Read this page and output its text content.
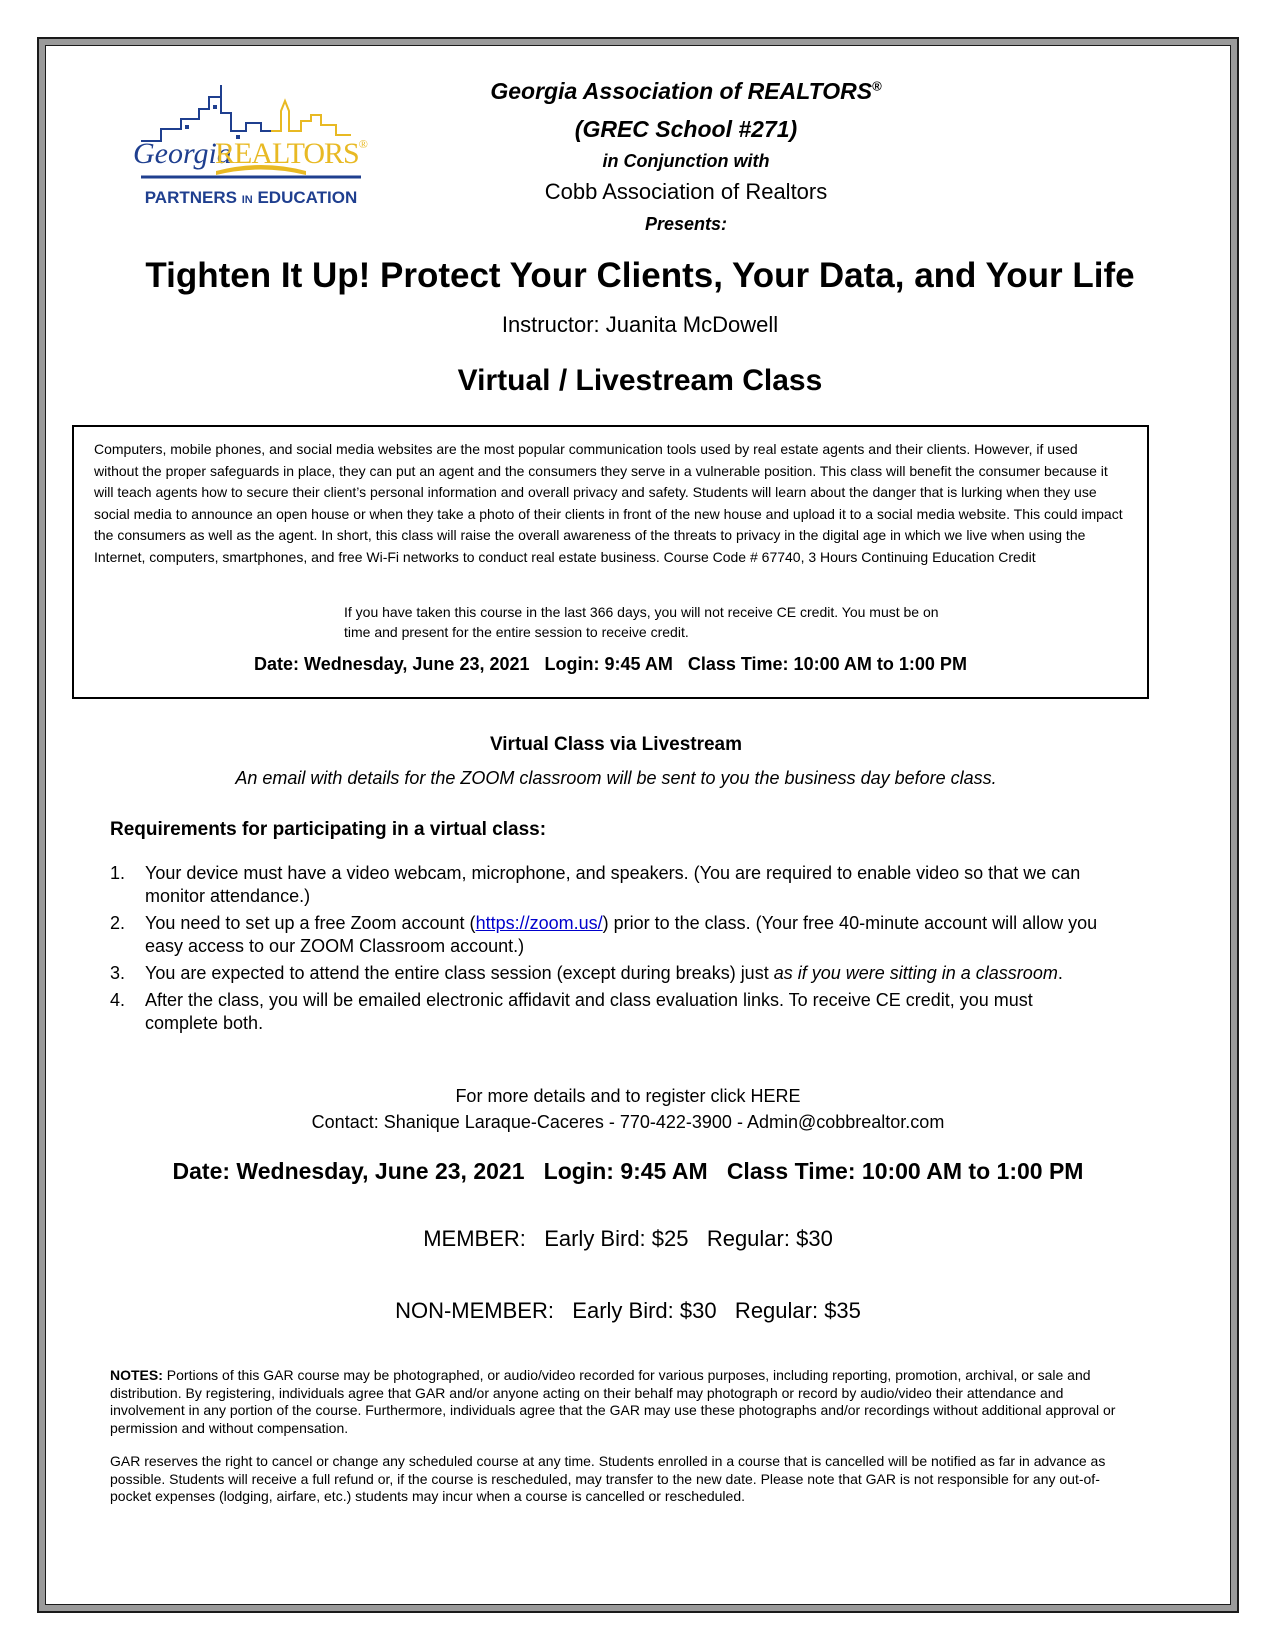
Georgia
REALTORS®
PARTNERS IN EDUCATION
Georgia Association of REALTORS®
(GREC School #271)
in Conjunction with
Cobb Association of Realtors
Presents:
Tighten It Up! Protect Your Clients, Your Data, and Your Life
Instructor: Juanita McDowell
Virtual / Livestream Class
Computers, mobile phones, and social media websites are the most popular communication tools used by real estate agents and their clients. However, if used without the proper safeguards in place, they can put an agent and the consumers they serve in a vulnerable position. This class will benefit the consumer because it will teach agents how to secure their client’s personal information and overall privacy and safety. Students will learn about the danger that is lurking when they use social media to announce an open house or when they take a photo of their clients in front of the new house and upload it to a social media website. This could impact the consumers as well as the agent. In short, this class will raise the overall awareness of the threats to privacy in the digital age in which we live when using the Internet, computers, smartphones, and free Wi-Fi networks to conduct real estate business. Course Code # 67740, 3 Hours Continuing Education Credit
If you have taken this course in the last 366 days, you will not receive CE credit. You must be on time and present for the entire session to receive credit.
Date: Wednesday, June 23, 2021   Login: 9:45 AM   Class Time: 10:00 AM to 1:00 PM
Virtual Class via Livestream
An email with details for the ZOOM classroom will be sent to you the business day before class.
Requirements for participating in a virtual class:
1. Your device must have a video webcam, microphone, and speakers. (You are required to enable video so that we can monitor attendance.)
2. You need to set up a free Zoom account (https://zoom.us/) prior to the class. (Your free 40-minute account will allow you easy access to our ZOOM Classroom account.)
3. You are expected to attend the entire class session (except during breaks) just as if you were sitting in a classroom.
4. After the class, you will be emailed electronic affidavit and class evaluation links. To receive CE credit, you must complete both.
For more details and to register click HERE
Contact: Shanique Laraque-Caceres - 770-422-3900 - Admin@cobbrealtor.com
Date: Wednesday, June 23, 2021   Login: 9:45 AM   Class Time: 10:00 AM to 1:00 PM
MEMBER:   Early Bird: $25   Regular: $30
NON-MEMBER:   Early Bird: $30   Regular: $35
NOTES: Portions of this GAR course may be photographed, or audio/video recorded for various purposes, including reporting, promotion, archival, or sale and distribution. By registering, individuals agree that GAR and/or anyone acting on their behalf may photograph or record by audio/video their attendance and involvement in any portion of the course. Furthermore, individuals agree that the GAR may use these photographs and/or recordings without additional approval or permission and without compensation.
GAR reserves the right to cancel or change any scheduled course at any time. Students enrolled in a course that is cancelled will be notified as far in advance as possible. Students will receive a full refund or, if the course is rescheduled, may transfer to the new date. Please note that GAR is not responsible for any out-of-pocket expenses (lodging, airfare, etc.) students may incur when a course is cancelled or rescheduled.
